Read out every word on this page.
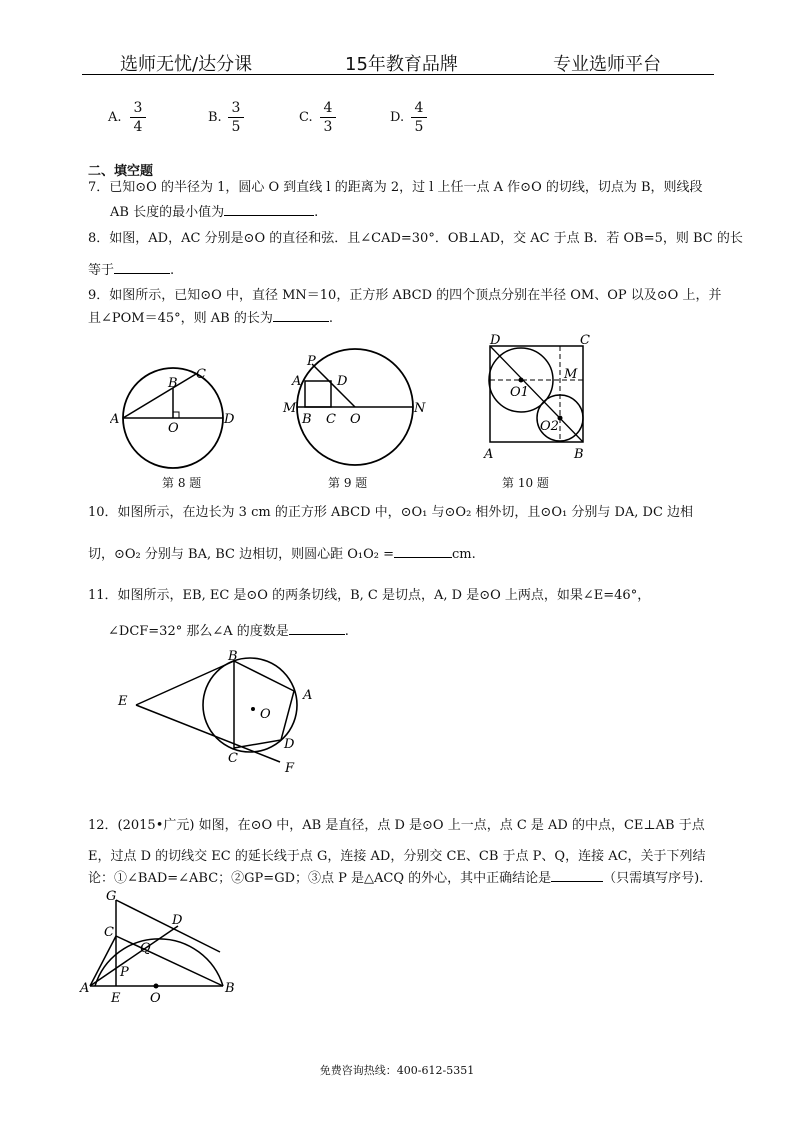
选师无忧/达分课	15年教育品牌	专业选师平台
A.
3
4
B.
3
5
C.
4
3
D.
4
5
二、填空题
7．已知⊙O 的半径为 1，圆心 O 到直线 l 的距离为 2，过 l 上任一点 A 作⊙O 的切线，切点为 B，则线段
AB 长度的最小值为	.
8．如图，AD，AC 分别是⊙O 的直径和弦．且∠CAD=30°．OB⊥AD，交 AC 于点 B．若 OB=5，则 BC 的长
等于	.
9．如图所示，已知⊙O 中，直径 MN＝10，正方形 ABCD 的四个顶点分别在半径 OM、OP 以及⊙O 上，并
且∠POM＝45°，则 AB 的长为	.
A
B
C
O
D
第 8 题
P
A	D
M
B C O
N
第 9 题
D	C
M
O1
O2
A	B
第 10 题
10．如图所示，在边长为 3 cm 的正方形 ABCD 中，⊙O₁ 与⊙O₂ 相外切，且⊙O₁ 分别与 DA, DC 边相
切，⊙O₂ 分别与 BA, BC 边相切，则圆心距 O₁O₂ =	cm.
11．如图所示，EB, EC 是⊙O 的两条切线，B, C 是切点，A, D 是⊙O 上两点，如果∠E=46°，
∠DCF=32° 那么∠A 的度数是	.
B
E
O
A
D
C
F
12．(2015•广元) 如图，在⊙O 中，AB 是直径，点 D 是⊙O 上一点，点 C 是 AD 的中点，CE⊥AB 于点
E，过点 D 的切线交 EC 的延长线于点 G，连接 AD，分别交 CE、CB 于点 P、Q，连接 AC，关于下列结
论：①∠BAD=∠ABC；②GP=GD；③点 P 是△ACQ 的外心，其中正确结论是	（只需填写序号)．
G
D
C
Q
P
A
E O
B
免费咨询热线：400-612-5351
